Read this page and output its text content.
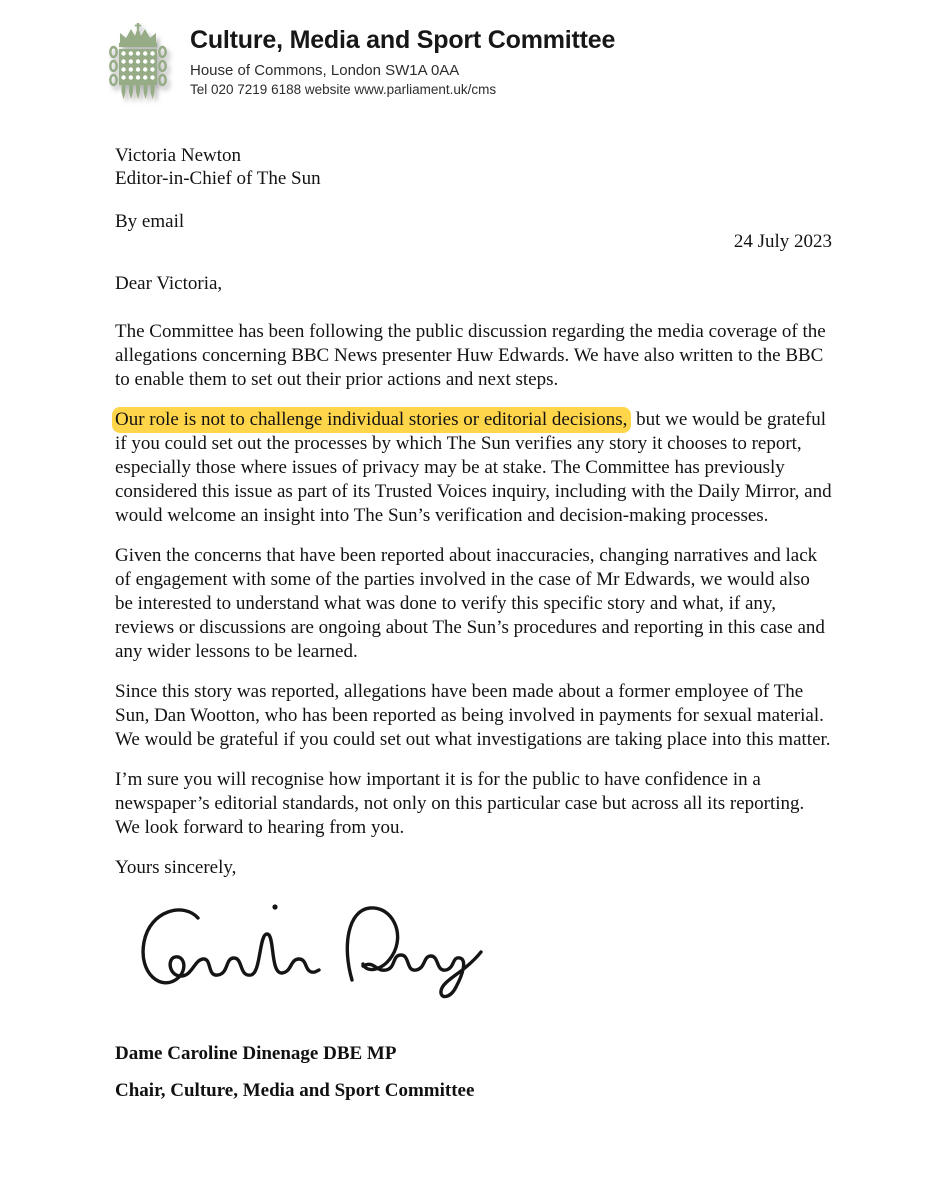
Culture, Media and Sport Committee
House of Commons, London SW1A 0AA
Tel 020 7219 6188 website www.parliament.uk/cms
Victoria Newton
Editor-in-Chief of The Sun
By email
24 July 2023

Dear Victoria,

The Committee has been following the public discussion regarding the media coverage of the allegations concerning BBC News presenter Huw Edwards. We have also written to the BBC to enable them to set out their prior actions and next steps.

Our role is not to challenge individual stories or editorial decisions, but we would be grateful if you could set out the processes by which The Sun verifies any story it chooses to report, especially those where issues of privacy may be at stake. The Committee has previously considered this issue as part of its Trusted Voices inquiry, including with the Daily Mirror, and would welcome an insight into The Sun’s verification and decision-making processes.

Given the concerns that have been reported about inaccuracies, changing narratives and lack of engagement with some of the parties involved in the case of Mr Edwards, we would also be interested to understand what was done to verify this specific story and what, if any, reviews or discussions are ongoing about The Sun’s procedures and reporting in this case and any wider lessons to be learned.

Since this story was reported, allegations have been made about a former employee of The Sun, Dan Wootton, who has been reported as being involved in payments for sexual material. We would be grateful if you could set out what investigations are taking place into this matter.

I’m sure you will recognise how important it is for the public to have confidence in a newspaper’s editorial standards, not only on this particular case but across all its reporting. We look forward to hearing from you.

Yours sincerely,

Dame Caroline Dinenage DBE MP
Chair, Culture, Media and Sport Committee
